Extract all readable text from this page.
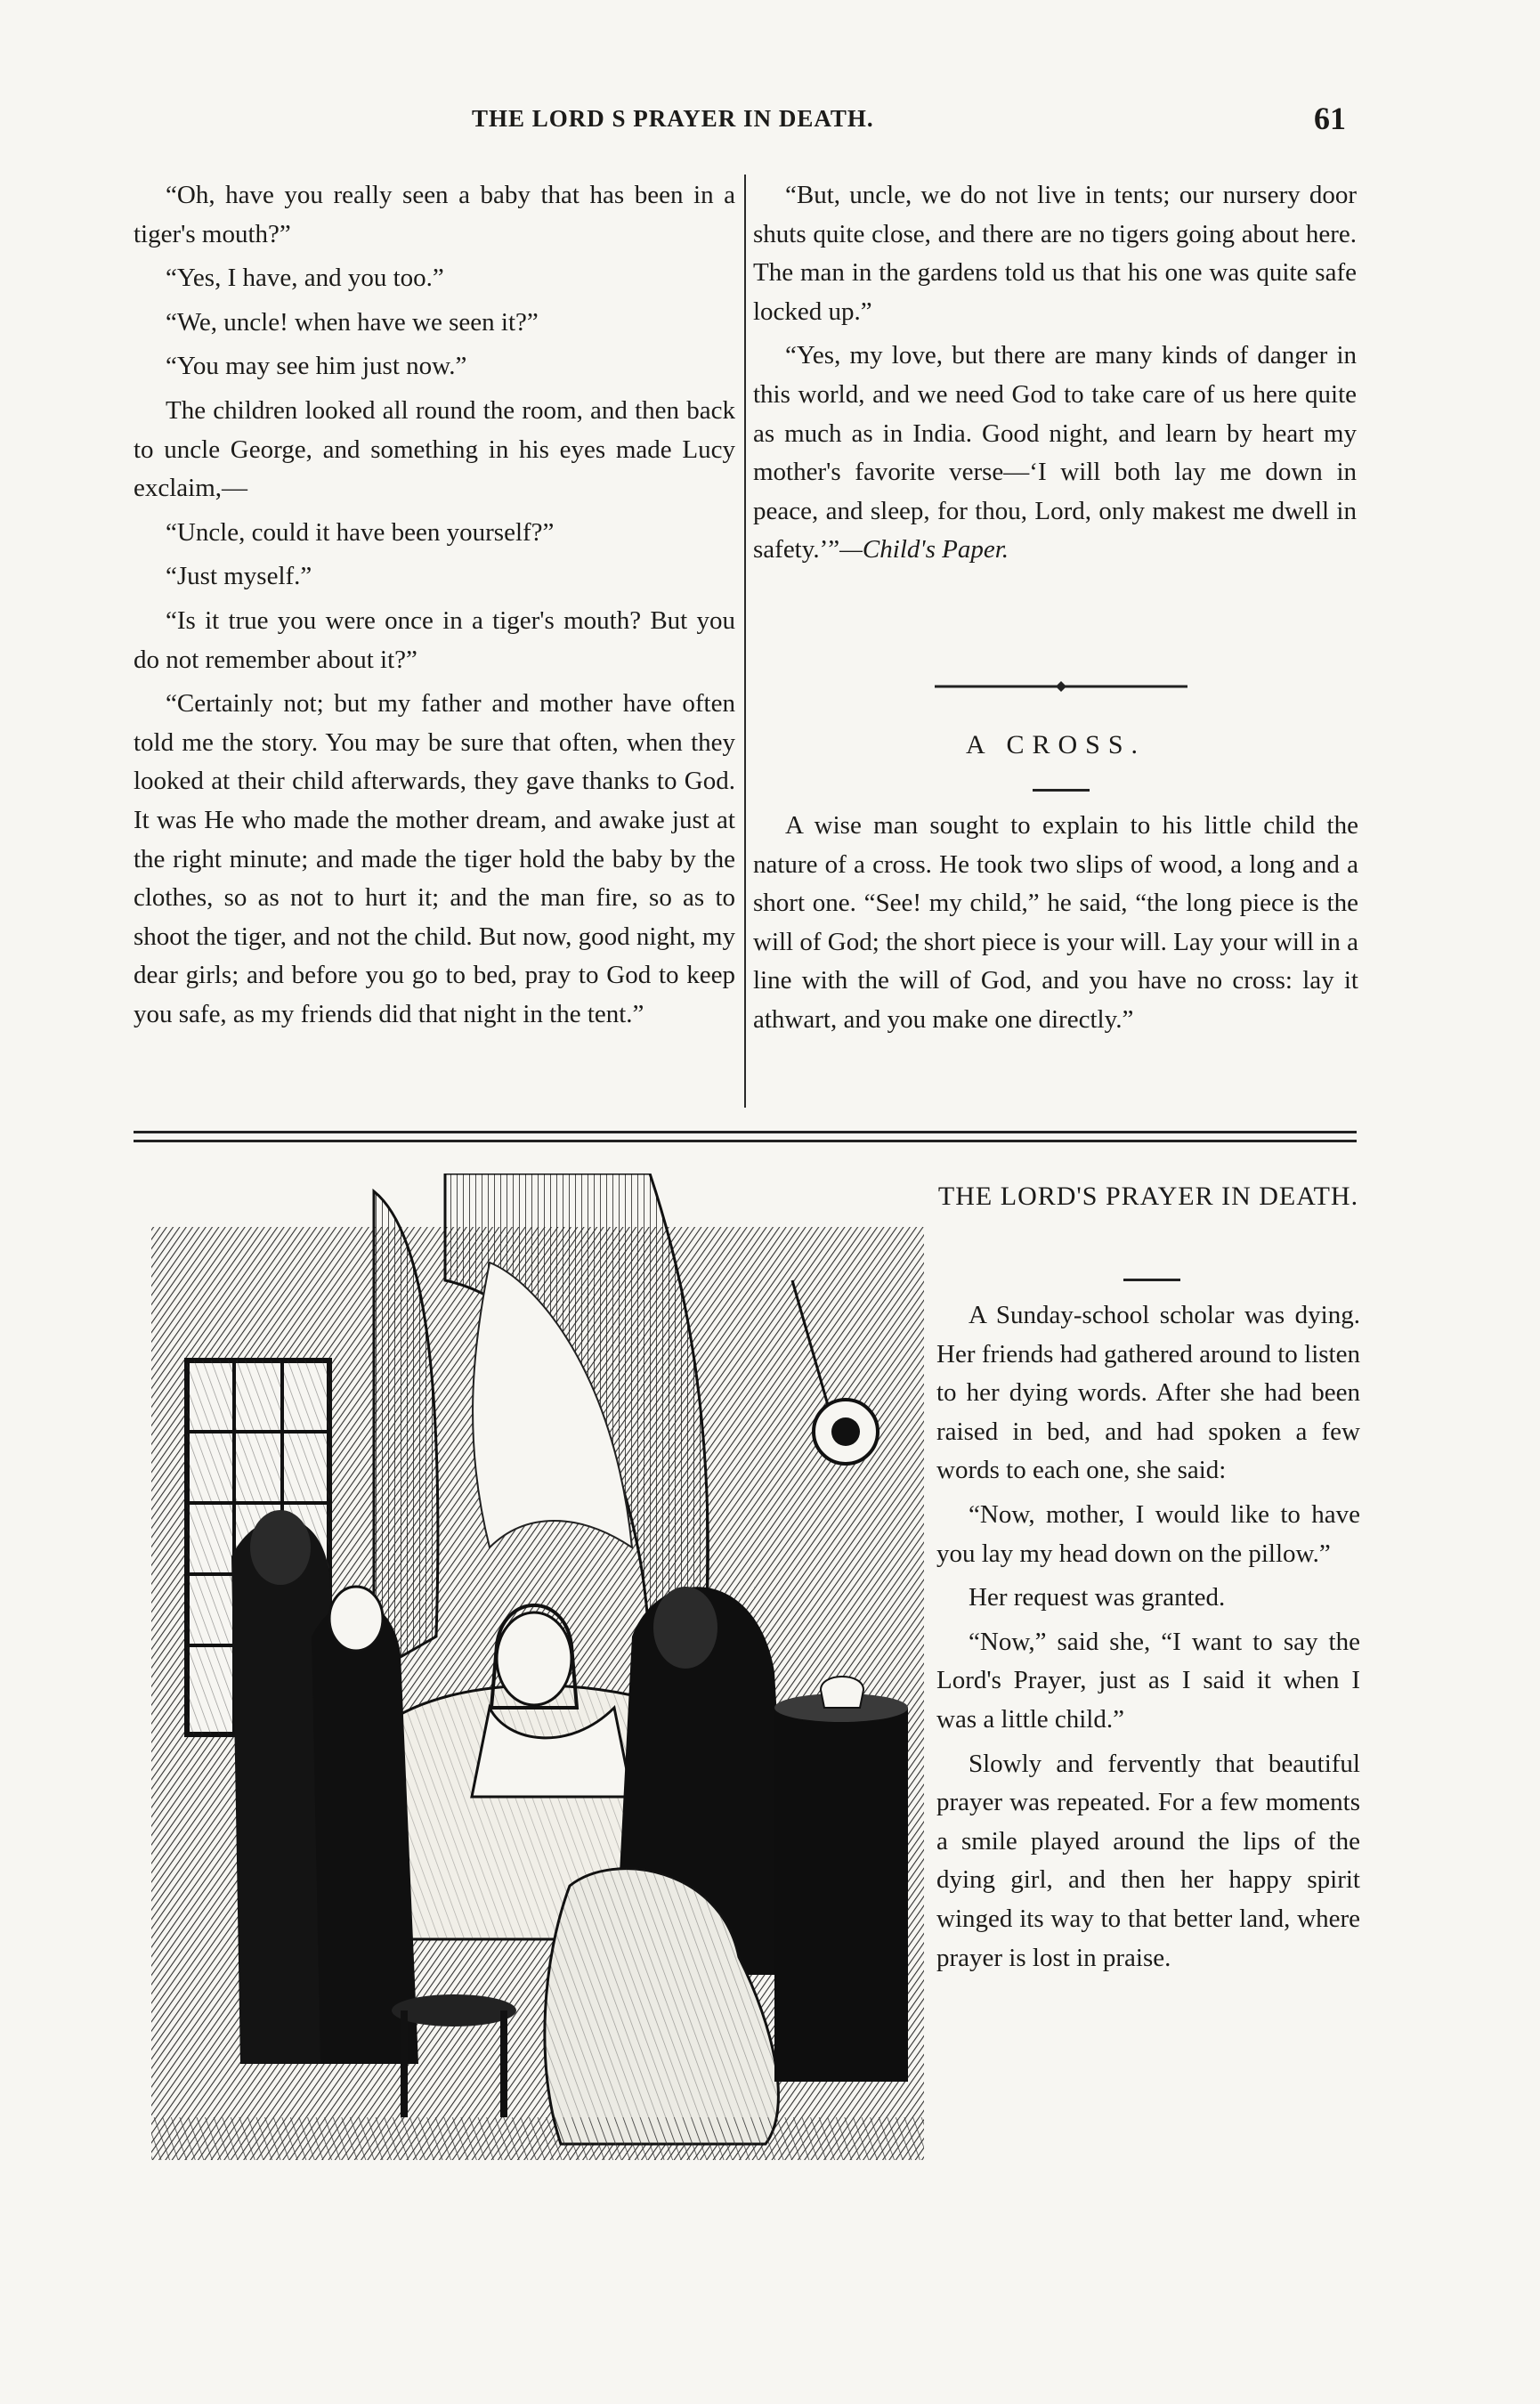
THE LORD S PRAYER IN DEATH.	61

“Oh, have you really seen a baby that has been in a tiger's mouth?”

“Yes, I have, and you too.”

“We, uncle! when have we seen it?”

“You may see him just now.”

The children looked all round the room, and then back to uncle George, and something in his eyes made Lucy exclaim,—

“Uncle, could it have been yourself?”

“Just myself.”

“Is it true you were once in a tiger's mouth? But you do not remember about it?”

“Certainly not; but my father and mother have often told me the story. You may be sure that often, when they looked at their child afterwards, they gave thanks to God. It was He who made the mother dream, and awake just at the right minute; and made the tiger hold the baby by the clothes, so as not to hurt it; and the man fire, so as to shoot the tiger, and not the child. But now, good night, my dear girls; and before you go to bed, pray to God to keep you safe, as my friends did that night in the tent.”

“But, uncle, we do not live in tents; our nursery door shuts quite close, and there are no tigers going about here. The man in the gardens told us that his one was quite safe locked up.”

“Yes, my love, but there are many kinds of danger in this world, and we need God to take care of us here quite as much as in India. Good night, and learn by heart my mother's favorite verse—‘I will both lay me down in peace, and sleep, for thou, Lord, only makest me dwell in safety.’”—Child's Paper.

A CROSS.

A wise man sought to explain to his little child the nature of a cross. He took two slips of wood, a long and a short one. “See! my child,” he said, “the long piece is the will of God; the short piece is your will. Lay your will in a line with the will of God, and you have no cross: lay it athwart, and you make one directly.”

THE LORD'S PRAYER IN DEATH.

A Sunday-school scholar was dying. Her friends had gathered around to listen to her dying words. After she had been raised in bed, and had spoken a few words to each one, she said:

“Now, mother, I would like to have you lay my head down on the pillow.”

Her request was granted.

“Now,” said she, “I want to say the Lord's Prayer, just as I said it when I was a little child.”

Slowly and fervently that beautiful prayer was repeated. For a few moments a smile played around the lips of the dying girl, and then her happy spirit winged its way to that better land, where prayer is lost in praise.
